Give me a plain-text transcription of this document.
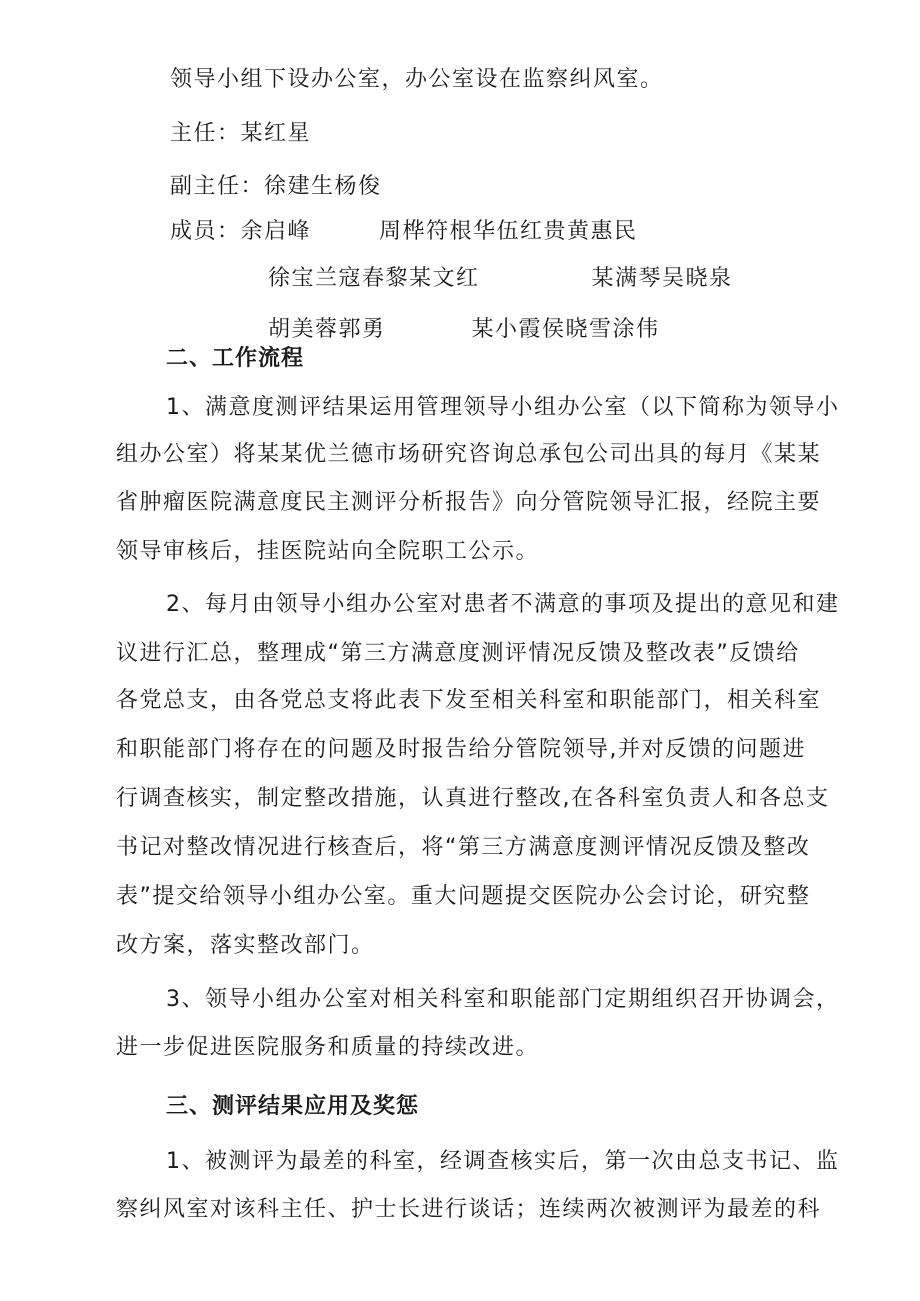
领导小组下设办公室，办公室设在监察纠风室。
主任：某红星
副主任：徐建生杨俊
成员：余启峰	周桦符根华伍红贵黄惠民
徐宝兰寇春黎某文红	某满琴吴晓泉
胡美蓉郭勇	某小霞侯晓雪涂伟
二、工作流程
1、满意度测评结果运用管理领导小组办公室（以下简称为领导小
组办公室）将某某优兰德市场研究咨询总承包公司出具的每月《某某
省肿瘤医院满意度民主测评分析报告》向分管院领导汇报，经院主要
领导审核后，挂医院站向全院职工公示。
2、每月由领导小组办公室对患者不满意的事项及提出的意见和建
议进行汇总，整理成“第三方满意度测评情况反馈及整改表”反馈给
各党总支，由各党总支将此表下发至相关科室和职能部门，相关科室
和职能部门将存在的问题及时报告给分管院领导,并对反馈的问题进
行调查核实，制定整改措施，认真进行整改,在各科室负责人和各总支
书记对整改情况进行核查后，将“第三方满意度测评情况反馈及整改
表”提交给领导小组办公室。重大问题提交医院办公会讨论，研究整
改方案，落实整改部门。
3、领导小组办公室对相关科室和职能部门定期组织召开协调会，
进一步促进医院服务和质量的持续改进。
三、测评结果应用及奖惩
1、被测评为最差的科室，经调查核实后，第一次由总支书记、监
察纠风室对该科主任、护士长进行谈话；连续两次被测评为最差的科
